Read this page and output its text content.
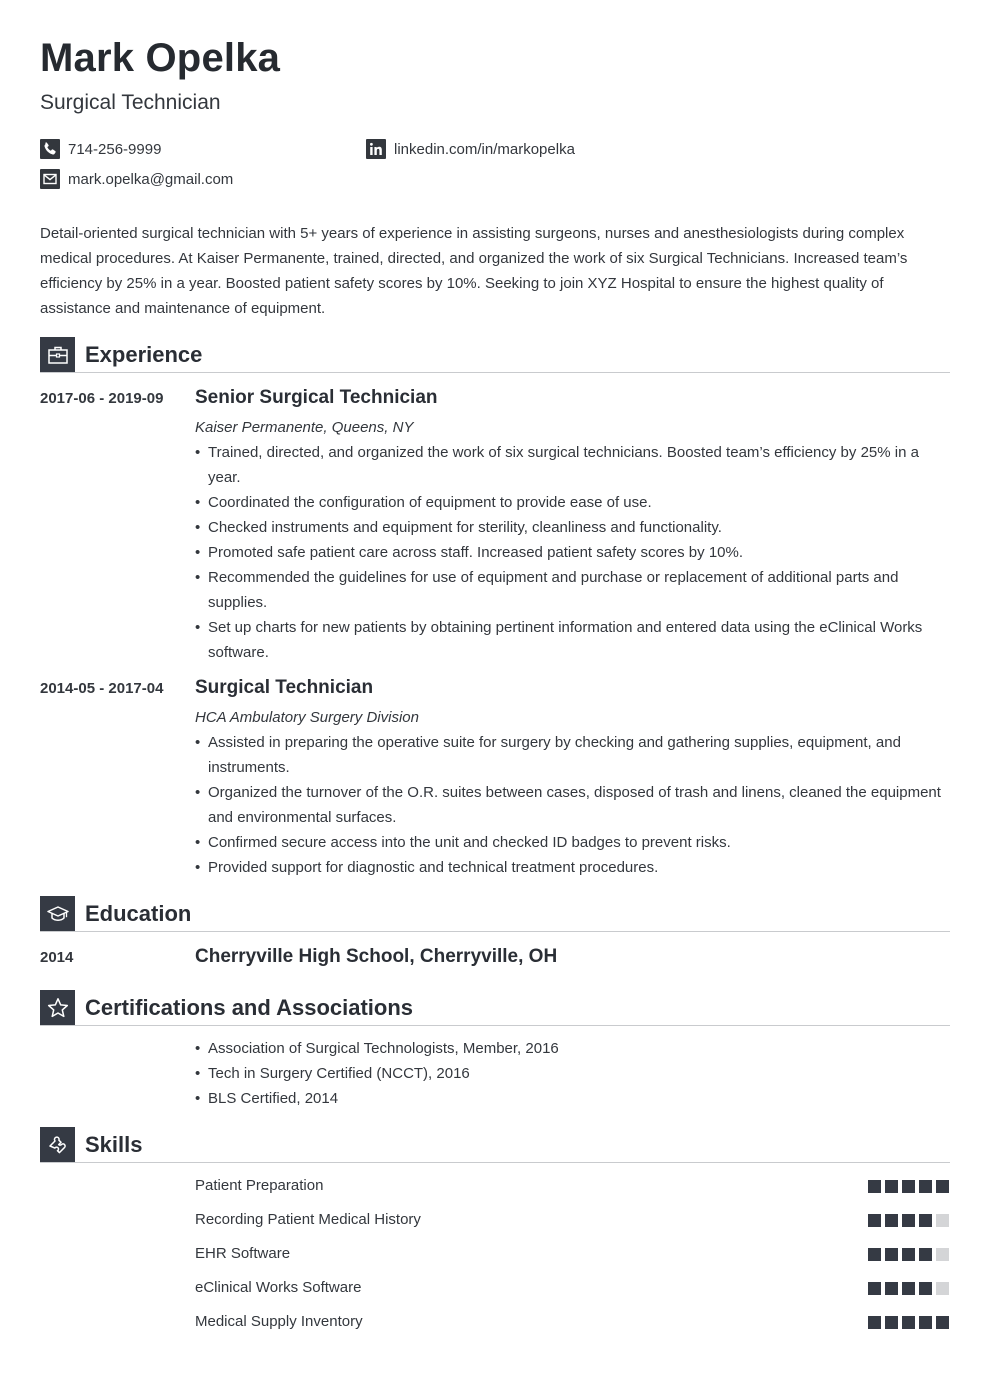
Mark Opelka
Surgical Technician
714-256-9999
mark.opelka@gmail.com
linkedin.com/in/markopelka

Detail-oriented surgical technician with 5+ years of experience in assisting surgeons, nurses and anesthesiologists during complex medical procedures. At Kaiser Permanente, trained, directed, and organized the work of six Surgical Technicians. Increased team’s efficiency by 25% in a year. Boosted patient safety scores by 10%. Seeking to join XYZ Hospital to ensure the highest quality of assistance and maintenance of equipment.

Experience
2017-06 - 2019-09 Senior Surgical Technician
Kaiser Permanente, Queens, NY
• Trained, directed, and organized the work of six surgical technicians. Boosted team’s efficiency by 25% in a year.
• Coordinated the configuration of equipment to provide ease of use.
• Checked instruments and equipment for sterility, cleanliness and functionality.
• Promoted safe patient care across staff. Increased patient safety scores by 10%.
• Recommended the guidelines for use of equipment and purchase or replacement of additional parts and supplies.
• Set up charts for new patients by obtaining pertinent information and entered data using the eClinical Works software.
2014-05 - 2017-04 Surgical Technician
HCA Ambulatory Surgery Division
• Assisted in preparing the operative suite for surgery by checking and gathering supplies, equipment, and instruments.
• Organized the turnover of the O.R. suites between cases, disposed of trash and linens, cleaned the equipment and environmental surfaces.
• Confirmed secure access into the unit and checked ID badges to prevent risks.
• Provided support for diagnostic and technical treatment procedures.
Education
2014	Cherryville High School, Cherryville, OH
Certifications and Associations
• Association of Surgical Technologists, Member, 2016
• Tech in Surgery Certified (NCCT), 2016
• BLS Certified, 2014
Skills
Patient Preparation
Recording Patient Medical History
EHR Software
eClinical Works Software
Medical Supply Inventory
